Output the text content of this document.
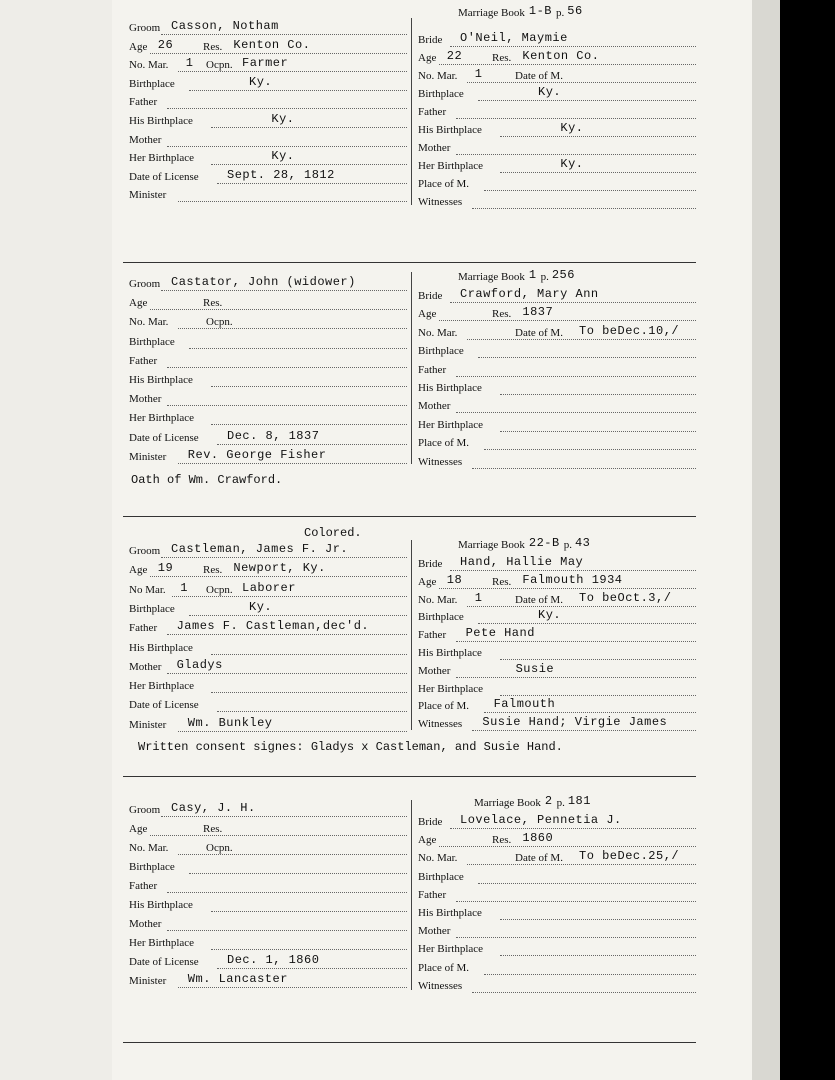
Marriage Book 1-B p. 56
Groom Casson, Notham
Age	Res.
26	Kenton Co.
No. Mar.	Ocpn.
1	Farmer
Birthplace	Ky.
Father
His Birthplace	Ky.
Mother
Her Birthplace	Ky.
Date of License Sept. 28, 1812
Minister
Bride O'Neil, Maymie
Age	Res.
22	Kenton Co.
No. Mar.	Date of M.
1
Birthplace	Ky.
Father
His Birthplace	Ky.
Mother
Her Birthplace	Ky.
Place of M.
Witnesses
Marriage Book 1 p. 256
Groom Castator, John (widower)
Age	Res.
No. Mar.	Ocpn.
Birthplace
Father
His Birthplace
Mother
Her Birthplace
Date of License Dec. 8, 1837
Minister Rev. George Fisher
Bride Crawford, Mary Ann
Age	Res. 1837
No. Mar.	Date of M. To beDec.10,/
Birthplace
Father
His Birthplace
Mother
Her Birthplace
Place of M.
Witnesses
Oath of Wm. Crawford.
Colored.
Marriage Book 22-B p. 43
Groom Castleman, James F. Jr.
Age	Res.
19	Newport, Ky.
No Mar.	Ocpn.
1	Laborer
Birthplace	Ky.
Father James F. Castleman,dec'd.
His Birthplace
Mother Gladys
Her Birthplace
Date of License
Minister Wm. Bunkley
Bride Hand, Hallie May
Age	Res.
18	Falmouth 1934
No. Mar.	Date of M.
1	To beOct.3,/
Birthplace	Ky.
Father Pete Hand
His Birthplace
Mother	Susie
Her Birthplace
Place of M. Falmouth
Witnesses Susie Hand; Virgie James
Written consent signes: Gladys x Castleman, and Susie Hand.
Marriage Book 2 p. 181
Groom Casy, J. H.
Age	Res.
No. Mar.	Ocpn.
Birthplace
Father
His Birthplace
Mother
Her Birthplace
Date of License Dec. 1, 1860
Minister Wm. Lancaster
Bride Lovelace, Pennetia J.
Age	Res. 1860
No. Mar.	Date of M. To beDec.25,/
Birthplace
Father
His Birthplace
Mother
Her Birthplace
Place of M.
Witnesses
